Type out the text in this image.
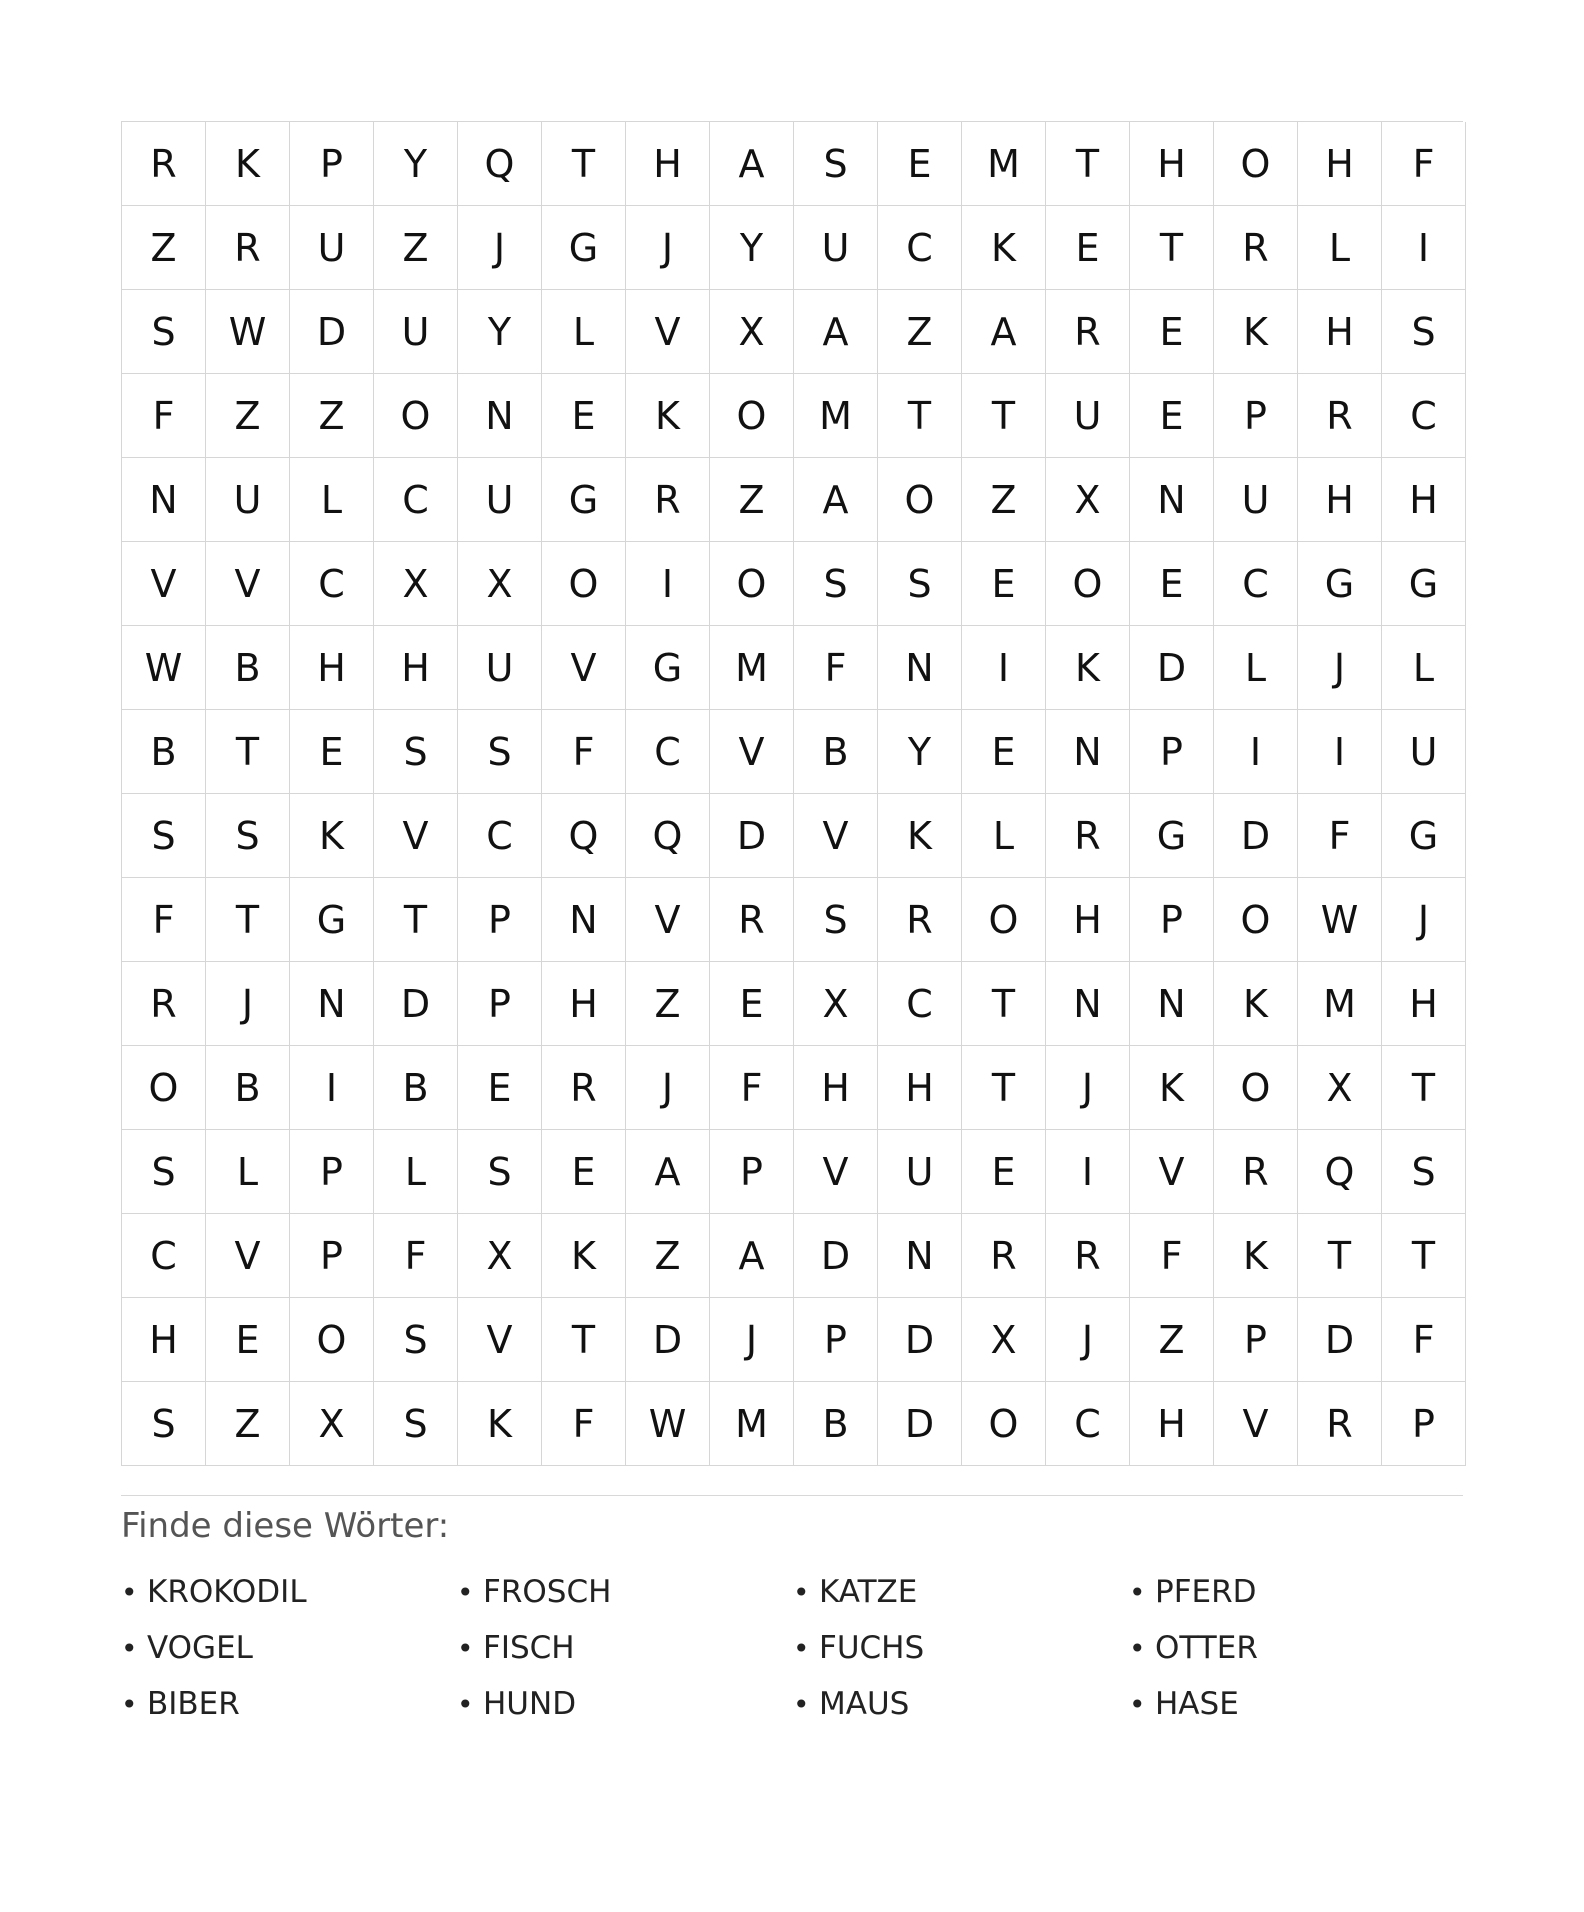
R	K	P	Y	Q	T	H	A	S	E	M	T	H	O	H	F
Z	R	U	Z	J	G	J	Y	U	C	K	E	T	R	L	I
S	W	D	U	Y	L	V	X	A	Z	A	R	E	K	H	S
F	Z	Z	O	N	E	K	O	M	T	T	U	E	P	R	C
N	U	L	C	U	G	R	Z	A	O	Z	X	N	U	H	H
V	V	C	X	X	O	I	O	S	S	E	O	E	C	G	G
W	B	H	H	U	V	G	M	F	N	I	K	D	L	J	L
B	T	E	S	S	F	C	V	B	Y	E	N	P	I	I	U
S	S	K	V	C	Q	Q	D	V	K	L	R	G	D	F	G
F	T	G	T	P	N	V	R	S	R	O	H	P	O	W	J
R	J	N	D	P	H	Z	E	X	C	T	N	N	K	M	H
O	B	I	B	E	R	J	F	H	H	T	J	K	O	X	T
S	L	P	L	S	E	A	P	V	U	E	I	V	R	Q	S
C	V	P	F	X	K	Z	A	D	N	R	R	F	K	T	T
H	E	O	S	V	T	D	J	P	D	X	J	Z	P	D	F
S	Z	X	S	K	F	W	M	B	D	O	C	H	V	R	P
Finde diese Wörter:
• KROKODIL	• FROSCH	• KATZE	• PFERD
• VOGEL	• FISCH	• FUCHS	• OTTER
• BIBER	• HUND	• MAUS	• HASE
